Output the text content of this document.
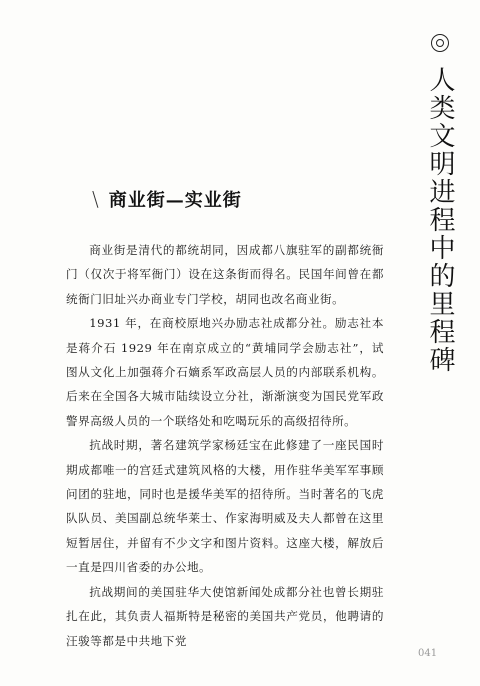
人类文明进程中的里程碑
\ 商业街—实业街

商业街是清代的都统胡同，因成都八旗驻军的副都统衙门（仅次于将军衙门）设在这条街而得名。民国年间曾在都统衙门旧址兴办商业专门学校，胡同也改名商业街。

1931 年，在商校原地兴办励志社成都分社。励志社本是蒋介石 1929 年在南京成立的“黄埔同学会励志社”，试图从文化上加强蒋介石嫡系军政高层人员的内部联系机构。后来在全国各大城市陆续设立分社，渐渐演变为国民党军政警界高级人员的一个联络处和吃喝玩乐的高级招待所。

抗战时期，著名建筑学家杨廷宝在此修建了一座民国时期成都唯一的宫廷式建筑风格的大楼，用作驻华美军军事顾问团的驻地，同时也是援华美军的招待所。当时著名的飞虎队队员、美国副总统华莱士、作家海明威及夫人都曾在这里短暂居住，并留有不少文字和图片资料。这座大楼，解放后一直是四川省委的办公地。

抗战期间的美国驻华大使馆新闻处成都分社也曾长期驻扎在此，其负责人福斯特是秘密的美国共产党员，他聘请的汪骏等都是中共地下党

041
